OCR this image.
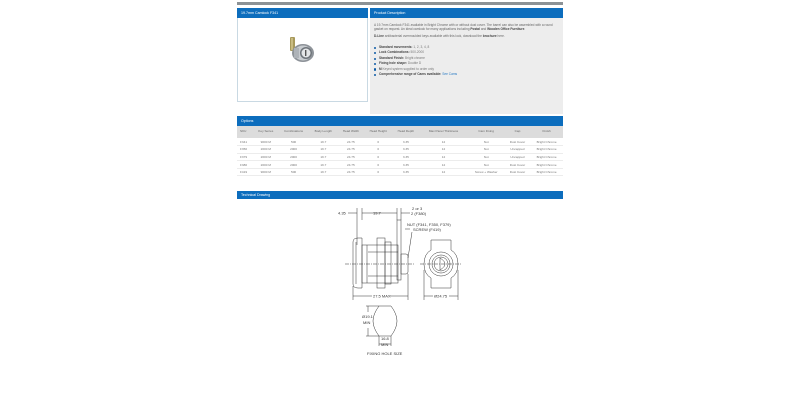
19.7mm Camlock F341	Product Description

A 19.7mm Camlock F341 available in Bright Chrome with or without dust cover. The barrel can also be assembled with a round gasket on request. An ideal camlock for many applications including Postal and Wooden Office Furniture.

D-Line antibacterial overmoulded keys available with this lock, download the brochure here.

Standard movements: 1, 2, 3, 4, 8
Lock Combinations: 500-2000
Standard Finish: Bright chrome
Fixing hole shape: Double D
M Keyed system supplied to order only
Comprehensive range of Cams available: See Cams
Options
SKU	Key Series	Combinations	Body Length	Head Width	Head Height	Head Depth	Max Panel Thickness	Cam Fixing	Cap	Finish
F341	9000 M	500	19.7	24.75	0	3.35	12	Nut	Dust Cover	Bright Chrome
F350	2000 M	2000	19.7	24.75	0	3.35	12	Nut	Uncapped	Bright Chrome
F379	2000 M	2000	19.7	24.75	0	3.35	12	Nut	Uncapped	Bright Chrome
F380	2000 M	2000	19.7	24.75	0	3.35	12	Nut	Dust Cover	Bright Chrome
F419	9000 M	500	19.7	24.75	0	3.35	12	Screw + Washer	Dust Cover	Bright Chrome
Technical Drawing
4.35	19.7
2 or 3
2 (F380)
NUT (F341, F350, F379)
SCREW (F419)
27.5 MAX	Ø24.75
Ø19.1
MIN
16.8
MIN
FIXING HOLE SIZE
